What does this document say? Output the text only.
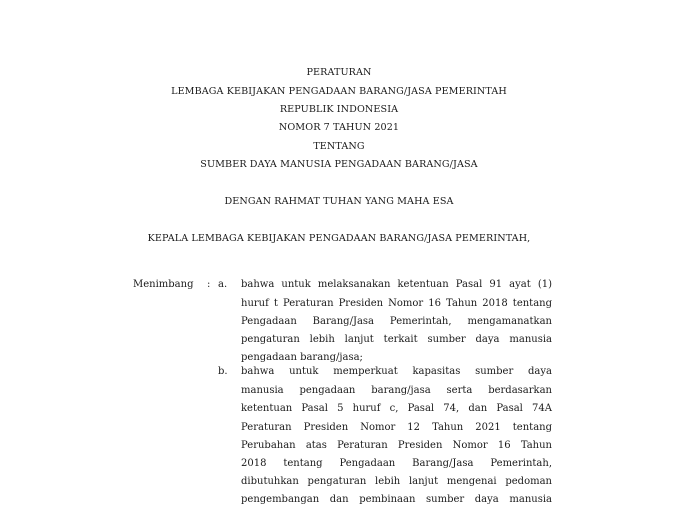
PERATURAN
LEMBAGA KEBIJAKAN PENGADAAN BARANG/JASA PEMERINTAH
REPUBLIK INDONESIA
NOMOR 7 TAHUN 2021
TENTANG
SUMBER DAYA MANUSIA PENGADAAN BARANG/JASA
DENGAN RAHMAT TUHAN YANG MAHA ESA
KEPALA LEMBAGA KEBIJAKAN PENGADAAN BARANG/JASA PEMERINTAH,
Menimbang : a. bahwa untuk melaksanakan ketentuan Pasal 91 ayat (1)
huruf t Peraturan Presiden Nomor 16 Tahun 2018 tentang
Pengadaan Barang/Jasa Pemerintah, mengamanatkan
pengaturan lebih lanjut terkait sumber daya manusia
pengadaan barang/jasa;
b. bahwa untuk memperkuat kapasitas sumber daya
manusia pengadaan barang/jasa serta berdasarkan
ketentuan Pasal 5 huruf c, Pasal 74, dan Pasal 74A
Peraturan Presiden Nomor 12 Tahun 2021 tentang
Perubahan atas Peraturan Presiden Nomor 16 Tahun
2018 tentang Pengadaan Barang/Jasa Pemerintah,
dibutuhkan pengaturan lebih lanjut mengenai pedoman
pengembangan dan pembinaan sumber daya manusia
